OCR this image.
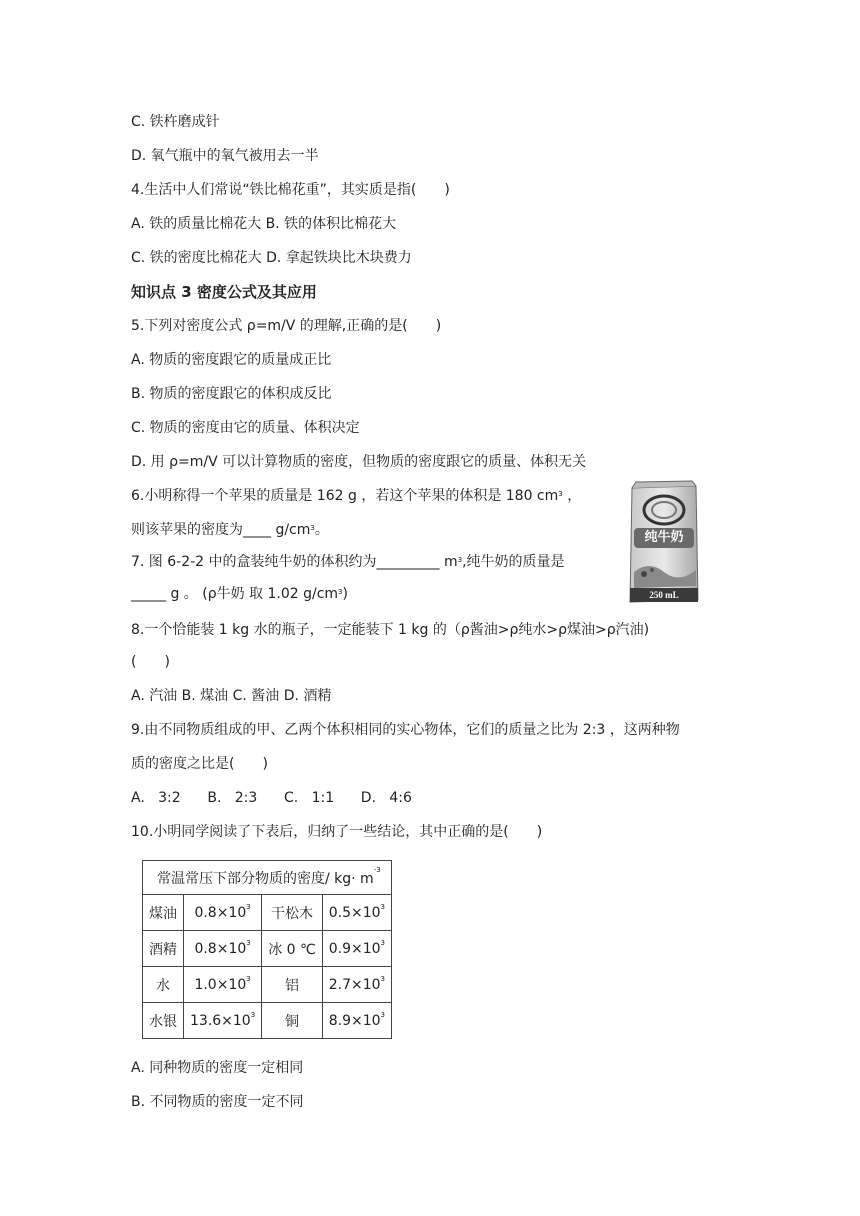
C. 铁杵磨成针
D. 氧气瓶中的氧气被用去一半
4.生活中人们常说“铁比棉花重”，其实质是指(　　)
A. 铁的质量比棉花大 B. 铁的体积比棉花大
C. 铁的密度比棉花大 D. 拿起铁块比木块费力
知识点 3 密度公式及其应用
5.下列对密度公式 ρ=m/V 的理解,正确的是(　　)
A. 物质的密度跟它的质量成正比
B. 物质的密度跟它的体积成反比
C. 物质的密度由它的质量、体积决定
D. 用 ρ=m/V 可以计算物质的密度，但物质的密度跟它的质量、体积无关
6.小明称得一个苹果的质量是 162 g ，若这个苹果的体积是 180 $cm^3$ ，
则该苹果的密度为____ $g/cm^3$。
7. 图 6-2-2 中的盒装纯牛奶的体积约为_________ $m^3$,纯牛奶的质量是
_____ g 。 (ρ牛奶 取 1.02 $g/cm^3$)
纯牛奶
250 mL
8.一个恰能装 1 kg 水的瓶子，一定能装下 1 kg 的（ρ酱油>ρ纯水>ρ煤油>ρ汽油)
(　　)
A. 汽油 B. 煤油 C. 酱油 D. 酒精
9.由不同物质组成的甲、乙两个体积相同的实心物体，它们的质量之比为 2:3 ，这两种物
质的密度之比是(　　)
A.   3:2      B.   2:3      C.   1:1      D.   4:6
10.小明同学阅读了下表后，归纳了一些结论，其中正确的是(　　)
常温常压下部分物质的密度/ $kg\cdot m^{-3}$
煤油	$0.8\times 10^3$	干松木	$0.5\times 10^3$
酒精	$0.8\times 10^3$	冰 0 ℃	$0.9\times 10^3$
水	$1.0\times 10^3$	铝	$2.7\times 10^3$
水银	$13.6\times 10^3$	铜	$8.9\times 10^3$
A. 同种物质的密度一定相同
B. 不同物质的密度一定不同
